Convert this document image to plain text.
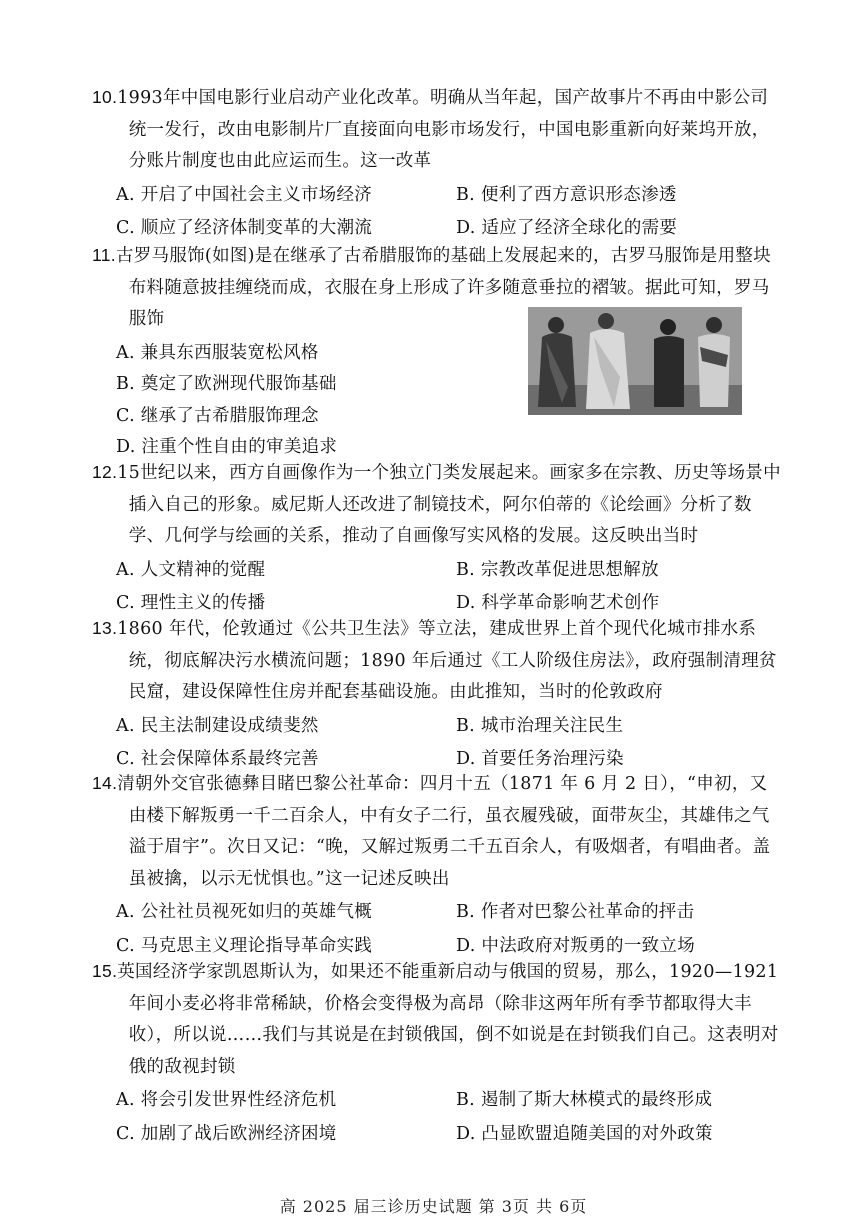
10.1993年中国电影行业启动产业化改革。明确从当年起，国产故事片不再由中影公司统一发行，改由电影制片厂直接面向电影市场发行，中国电影重新向好莱坞开放，分账片制度也由此应运而生。这一改革

A. 开启了中国社会主义市场经济	B. 便利了西方意识形态渗透
C. 顺应了经济体制变革的大潮流	D. 适应了经济全球化的需要

11.古罗马服饰(如图)是在继承了古希腊服饰的基础上发展起来的，古罗马服饰是用整块布料随意披挂缠绕而成，衣服在身上形成了许多随意垂拉的褶皱。据此可知，罗马服饰

A. 兼具东西服装宽松风格
B. 奠定了欧洲现代服饰基础
C. 继承了古希腊服饰理念
D. 注重个性自由的审美追求

12.15世纪以来，西方自画像作为一个独立门类发展起来。画家多在宗教、历史等场景中插入自己的形象。威尼斯人还改进了制镜技术，阿尔伯蒂的《论绘画》分析了数学、几何学与绘画的关系，推动了自画像写实风格的发展。这反映出当时

A. 人文精神的觉醒	B. 宗教改革促进思想解放
C. 理性主义的传播	D. 科学革命影响艺术创作

13.1860 年代，伦敦通过《公共卫生法》等立法，建成世界上首个现代化城市排水系统，彻底解决污水横流问题；1890 年后通过《工人阶级住房法》，政府强制清理贫民窟，建设保障性住房并配套基础设施。由此推知，当时的伦敦政府

A. 民主法制建设成绩斐然	B. 城市治理关注民生
C. 社会保障体系最终完善	D. 首要任务治理污染

14.清朝外交官张德彝目睹巴黎公社革命：四月十五（1871 年 6 月 2 日），“申初，又由楼下解叛勇一千二百余人，中有女子二行，虽衣履残破，面带灰尘，其雄伟之气溢于眉宇”。次日又记：“晚，又解过叛勇二千五百余人，有吸烟者，有唱曲者。盖虽被擒，以示无忧惧也。”这一记述反映出

A. 公社社员视死如归的英雄气概	B. 作者对巴黎公社革命的抨击
C. 马克思主义理论指导革命实践	D. 中法政府对叛勇的一致立场

15.英国经济学家凯恩斯认为，如果还不能重新启动与俄国的贸易，那么，1920—1921 年间小麦必将非常稀缺，价格会变得极为高昂（除非这两年所有季节都取得大丰收），所以说……我们与其说是在封锁俄国，倒不如说是在封锁我们自己。这表明对俄的敌视封锁

A. 将会引发世界性经济危机	B. 遏制了斯大林模式的最终形成
C. 加剧了战后欧洲经济困境	D. 凸显欧盟追随美国的对外政策
高 2025 届三诊历史试题 第 3页 共 6页
